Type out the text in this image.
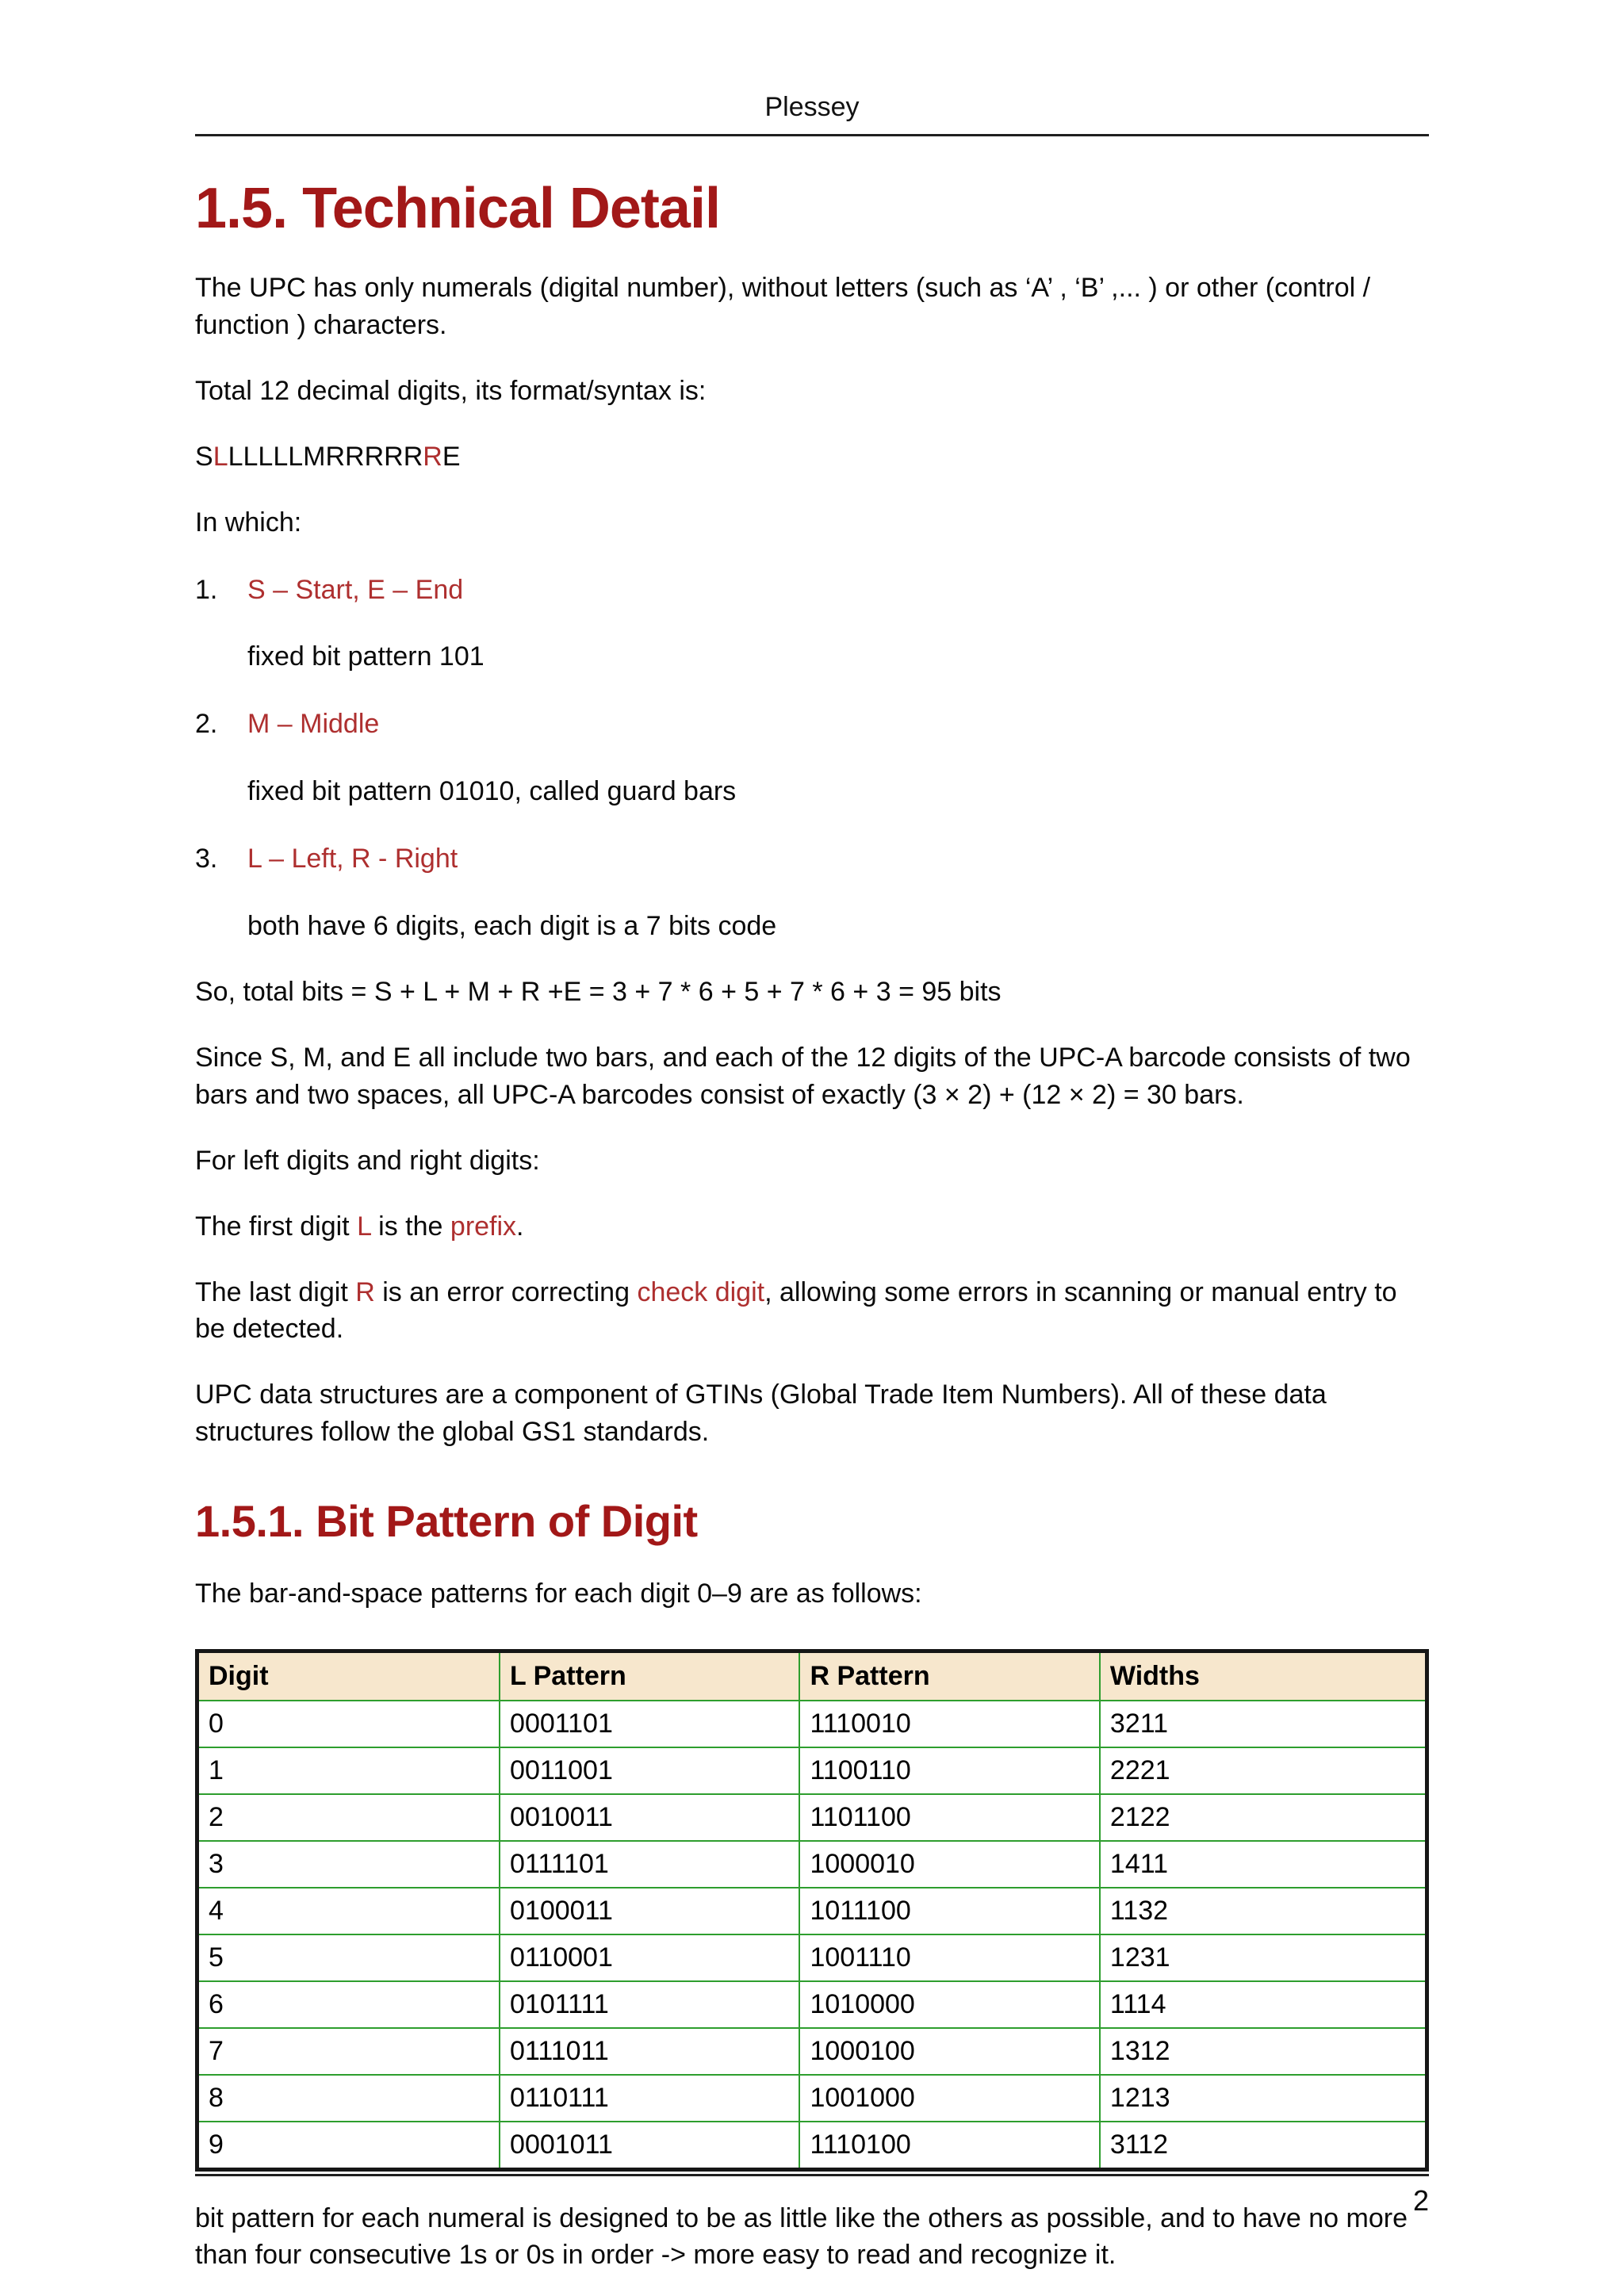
Plessey
1.5. Technical Detail

The UPC has only numerals (digital number), without letters (such as ‘A’ , ‘B’ ,... ) or other (control / function ) characters.

Total 12 decimal digits, its format/syntax is:

SLLLLLLMRRRRRRE

In which:

1.	S – Start, E – End
fixed bit pattern 101
2.	M – Middle
fixed bit pattern 01010, called guard bars
3.	L – Left, R - Right
both have 6 digits, each digit is a 7 bits code

So, total bits = S + L + M + R +E = 3 + 7 * 6 + 5 + 7 * 6 + 3 = 95 bits

Since S, M, and E all include two bars, and each of the 12 digits of the UPC-A barcode consists of two bars and two spaces, all UPC-A barcodes consist of exactly (3 × 2) + (12 × 2) = 30 bars.

For left digits and right digits:

The first digit L is the prefix.

The last digit R is an error correcting check digit, allowing some errors in scanning or manual entry to be detected.

UPC data structures are a component of GTINs (Global Trade Item Numbers). All of these data structures follow the global GS1 standards.

1.5.1. Bit Pattern of Digit

The bar-and-space patterns for each digit 0–9 are as follows:

Digit	L Pattern	R Pattern	Widths
0	0001101	1110010	3211
1	0011001	1100110	2221
2	0010011	1101100	2122
3	0111101	1000010	1411
4	0100011	1011100	1132
5	0110001	1001110	1231
6	0101111	1010000	1114
7	0111011	1000100	1312
8	0110111	1001000	1213
9	0001011	1110100	3112

bit pattern for each numeral is designed to be as little like the others as possible, and to have no more than four consecutive 1s or 0s in order -> more easy to read and recognize it.

2
